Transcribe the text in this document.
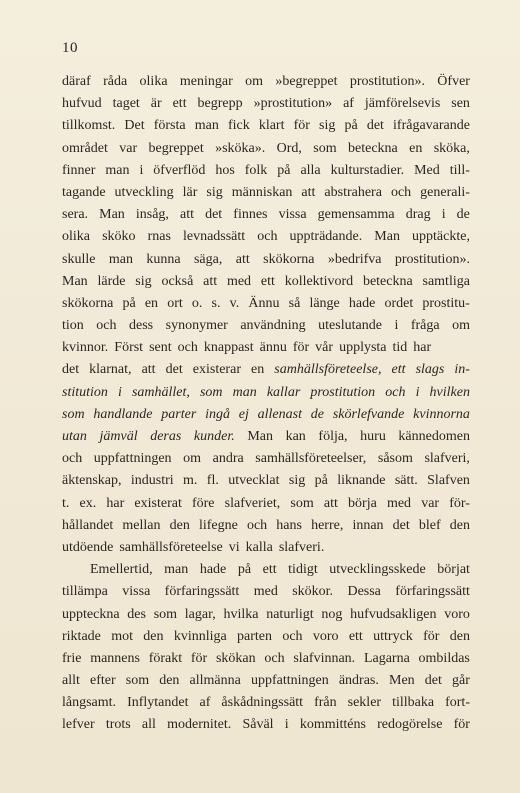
10
däraf råda olika meningar om »begreppet prostitution». Öfver
hufvud taget är ett begrepp »prostitution» af jämförelsevis sen
tillkomst. Det första man fick klart för sig på det ifrågavarande
området var begreppet »sköka». Ord, som beteckna en sköka,
finner man i öfverflöd hos folk på alla kulturstadier. Med till-
tagande utveckling lär sig människan att abstrahera och generali-
sera. Man insåg, att det finnes vissa gemensamma drag i de
olika sköko rnas levnadssätt och uppträdande. Man upptäckte,
skulle man kunna säga, att skökorna »bedrifva prostitution».
Man lärde sig också att med ett kollektivord beteckna samtliga
skökorna på en ort o. s. v. Ännu så länge hade ordet prostitu-
tion och dess synonymer användning uteslutande i fråga om
kvinnor. Först sent och knappast ännu för vår upplysta tid har
det klarnat, att det existerar en samhällsföreteelse, ett slags in-
stitution i samhället, som man kallar prostitution och i hvilken
som handlande parter ingå ej allenast de skörlefvande kvinnorna
utan jämväl deras kunder. Man kan följa, huru kännedomen
och uppfattningen om andra samhällsföreteelser, såsom slafveri,
äktenskap, industri m. fl. utvecklat sig på liknande sätt. Slafven
t. ex. har existerat före slafveriet, som att börja med var för-
hållandet mellan den lifegne och hans herre, innan det blef den
utdöende samhällsföreteelse vi kalla slafveri.
Emellertid, man hade på ett tidigt utvecklingsskede börjat
tillämpa vissa förfaringssätt med skökor. Dessa förfaringssätt
uppteckna des som lagar, hvilka naturligt nog hufvudsakligen voro
riktade mot den kvinnliga parten och voro ett uttryck för den
frie mannens förakt för skökan och slafvinnan. Lagarna ombildas
allt efter som den allmänna uppfattningen ändras. Men det går
långsamt. Inflytandet af åskådningssätt från sekler tillbaka fort-
lefver trots all modernitet. Såväl i kommitténs redogörelse för
